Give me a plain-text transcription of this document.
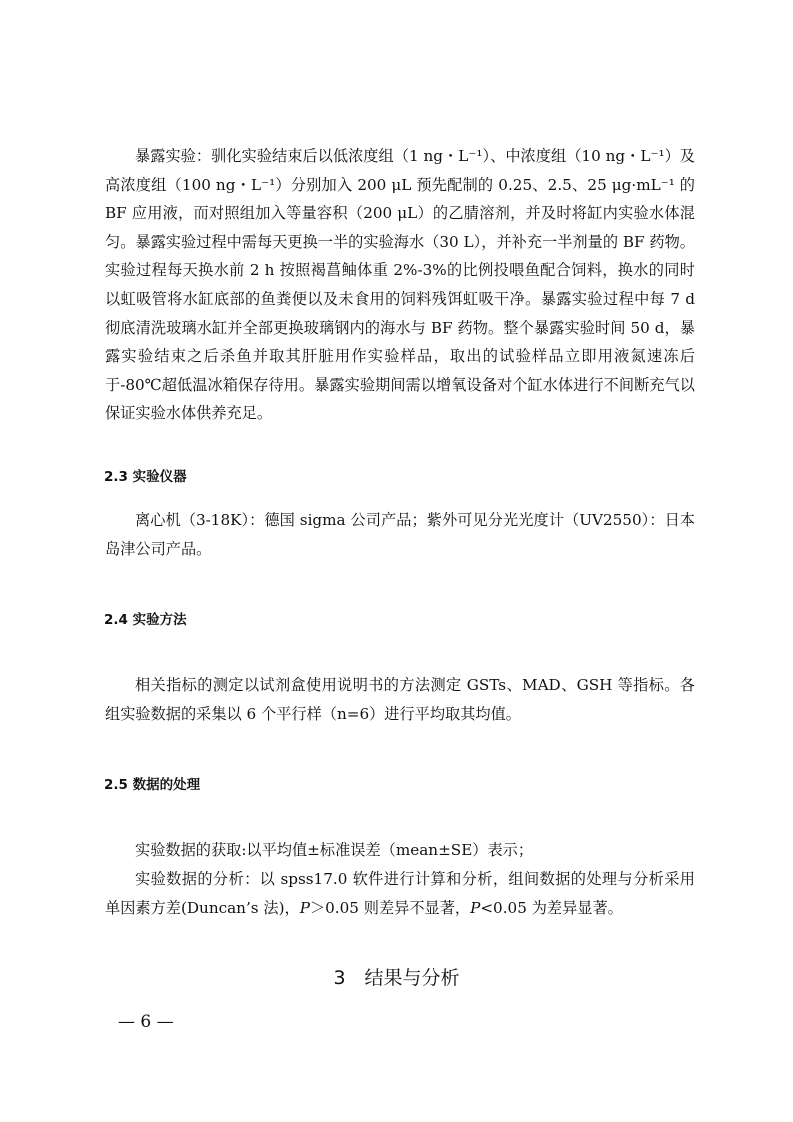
暴露实验：驯化实验结束后以低浓度组（1 ng・L⁻¹）、中浓度组（10 ng・L⁻¹）及高浓度组（100 ng・L⁻¹）分别加入 200 μL 预先配制的 0.25、2.5、25 μg·mL⁻¹ 的 BF 应用液，而对照组加入等量容积（200 μL）的乙腈溶剂，并及时将缸内实验水体混匀。暴露实验过程中需每天更换一半的实验海水（30 L），并补充一半剂量的 BF 药物。实验过程每天换水前 2 h 按照褐菖鲉体重 2%-3%的比例投喂鱼配合饲料，换水的同时以虹吸管将水缸底部的鱼粪便以及未食用的饲料残饵虹吸干净。暴露实验过程中每 7 d 彻底清洗玻璃水缸并全部更换玻璃钢内的海水与 BF 药物。整个暴露实验时间 50 d，暴露实验结束之后杀鱼并取其肝脏用作实验样品，取出的试验样品立即用液氮速冻后于-80℃超低温冰箱保存待用。暴露实验期间需以增氧设备对个缸水体进行不间断充气以保证实验水体供养充足。

2.3 实验仪器

离心机（3-18K）：德国 sigma 公司产品；紫外可见分光光度计（UV2550）：日本岛津公司产品。

2.4 实验方法

相关指标的测定以试剂盒使用说明书的方法测定 GSTs、MAD、GSH 等指标。各组实验数据的采集以 6 个平行样（n=6）进行平均取其均值。

2.5 数据的处理

实验数据的获取:以平均值±标准误差（mean±SE）表示；

实验数据的分析：以 spss17.0 软件进行计算和分析，组间数据的处理与分析采用单因素方差(Duncan’s 法)，P＞0.05 则差异不显著，P<0.05 为差异显著。

3　结果与分析

— 6 —
